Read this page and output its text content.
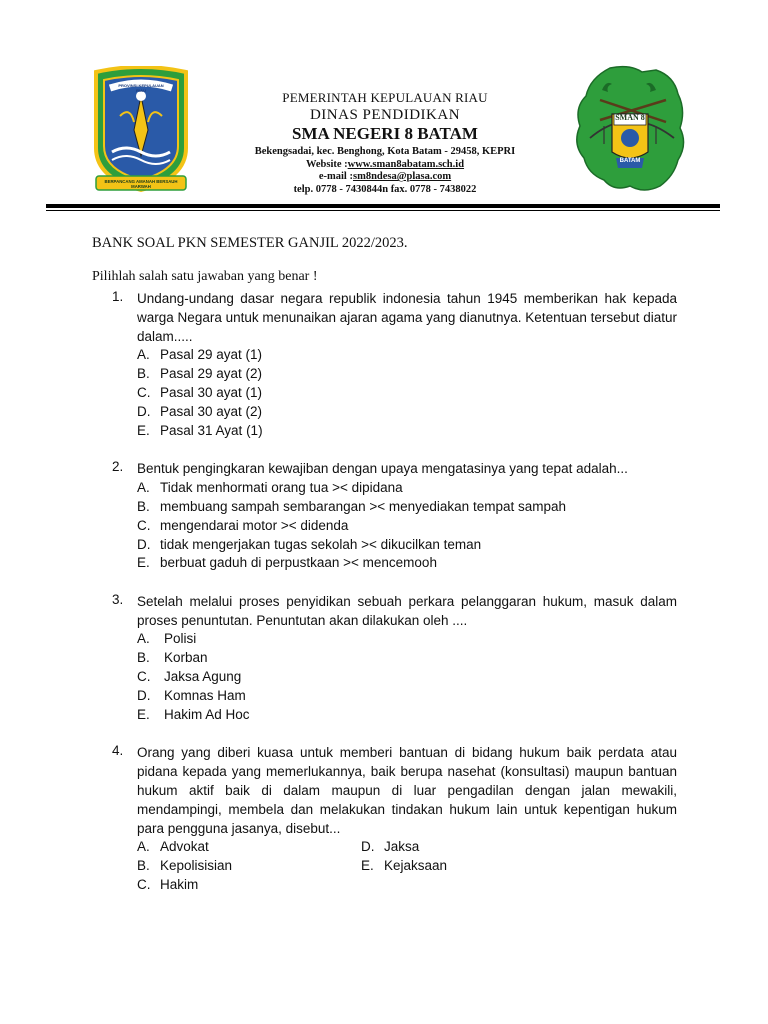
PROVINSI KEPULAUAN RIAU
BERPANCANG AMANAH BERSAUH MARWAH
PEMERINTAH KEPULAUAN RIAU
DINAS PENDIDIKAN
SMA NEGERI 8 BATAM
Bekengsadai, kec. Benghong, Kota Batam - 29458, KEPRI
Website :www.sman8abatam.sch.id
e-mail :sm8ndesa@plasa.com
telp. 0778 - 7430844n fax. 0778 - 7438022
SMAN 8
BATAM
BANK SOAL PKN SEMESTER GANJIL 2022/2023.
Pilihlah salah satu jawaban yang benar !
1. Undang-undang dasar negara republik indonesia tahun 1945 memberikan hak kepada warga Negara untuk menunaikan ajaran agama yang dianutnya. Ketentuan tersebut diatur dalam.....
A. Pasal 29 ayat (1)
B. Pasal 29 ayat (2)
C. Pasal 30 ayat (1)
D. Pasal 30 ayat (2)
E. Pasal 31 Ayat (1)
2. Bentuk pengingkaran kewajiban dengan upaya mengatasinya yang tepat adalah...
A. Tidak menhormati orang tua >< dipidana
B. membuang sampah sembarangan >< menyediakan tempat sampah
C. mengendarai motor >< didenda
D. tidak mengerjakan tugas sekolah >< dikucilkan teman
E. berbuat gaduh di perpustkaan >< mencemooh
3. Setelah melalui proses penyidikan sebuah perkara pelanggaran hukum, masuk dalam proses penuntutan. Penuntutan akan dilakukan oleh ....
A. Polisi
B. Korban
C. Jaksa Agung
D. Komnas Ham
E. Hakim Ad Hoc
4. Orang yang diberi kuasa untuk memberi bantuan di bidang hukum baik perdata atau pidana kepada yang memerlukannya, baik berupa nasehat (konsultasi) maupun bantuan hukum aktif baik di dalam maupun di luar pengadilan dengan jalan mewakili, mendampingi, membela dan melakukan tindakan hukum lain untuk kepentigan hukum para pengguna jasanya, disebut...
A. Advokat
B. Kepolisisian
C. Hakim
D. Jaksa
E. Kejaksaan
